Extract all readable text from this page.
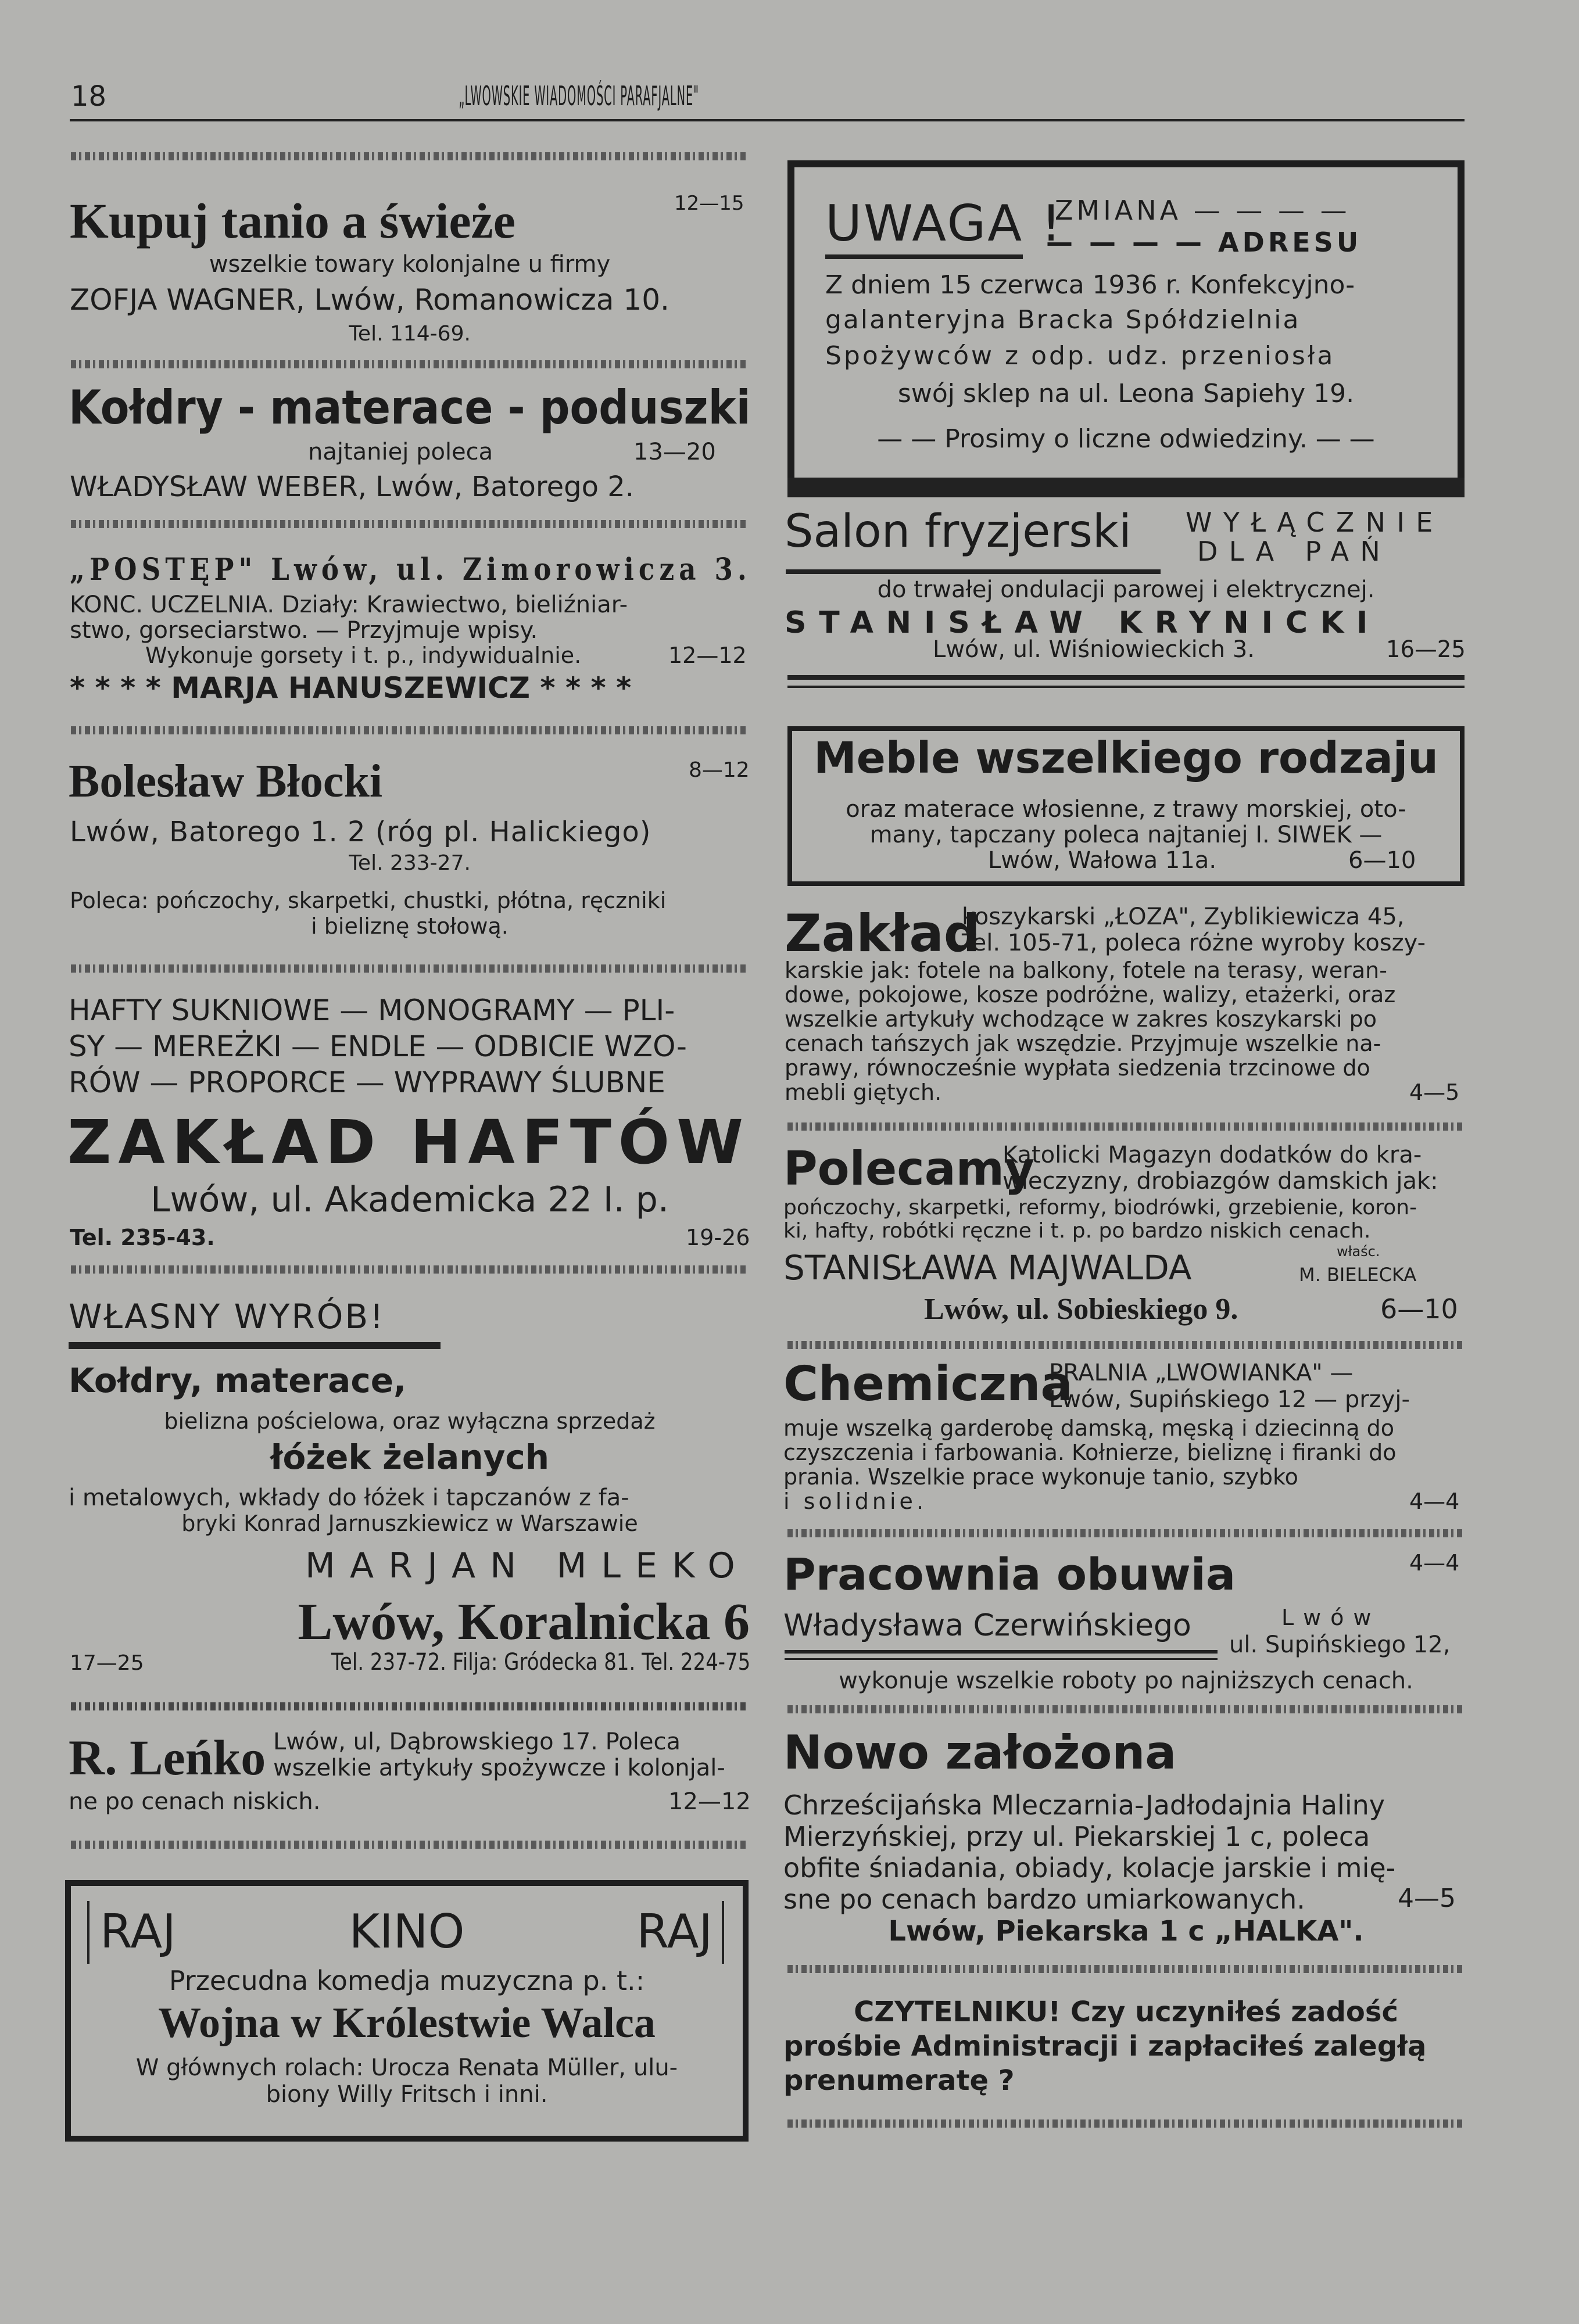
18	„LWOWSKIE WIADOMOŚCI PARAFJALNE"
Kupuj tanio a świeże	12—15
wszelkie towary kolonjalne u firmy
ZOFJA WAGNER, Lwów, Romanowicza 10.
Tel. 114-69.
Kołdry - materace - poduszki
najtaniej poleca	13—20
WŁADYSŁAW WEBER, Lwów, Batorego 2.
„POSTĘP" Lwów, ul. Zimorowicza 3.
KONC. UCZELNIA. Działy: Krawiectwo, bieliźniar-
stwo, gorseciarstwo. — Przyjmuje wpisy.
Wykonuje gorsety i t. p., indywidualnie.	12—12
* * * * MARJA HANUSZEWICZ * * * *
Bolesław Błocki	8—12
Lwów, Batorego 1. 2 (róg pl. Halickiego)
Tel. 233-27.
Poleca: pończochy, skarpetki, chustki, płótna, ręczniki
i bieliznę stołową.
HAFTY SUKNIOWE — MONOGRAMY — PLI-
SY — MEREŻKI — ENDLE — ODBICIE WZO-
RÓW — PROPORCE — WYPRAWY ŚLUBNE
ZAKŁAD HAFTÓW
Lwów, ul. Akademicka 22 I. p.
Tel. 235-43.	19-26
WŁASNY WYRÓB!
Kołdry, materace,
bielizna pościelowa, oraz wyłączna sprzedaż
łóżek żelanych
i metalowych, wkłady do łóżek i tapczanów z fa-
bryki Konrad Jarnuszkiewicz w Warszawie
MARJAN MLEKO
Lwów, Koralnicka 6
17—25	Tel. 237-72. Filja: Gródecka 81. Tel. 224-75
R. Leńko Lwów, ul, Dąbrowskiego 17. Poleca
wszelkie artykuły spożywcze i kolonjal-
ne po cenach niskich.	12—12
RAJ	KINO	RAJ
Przecudna komedja muzyczna p. t.:
Wojna w Królestwie Walca
W głównych rolach: Urocza Renata Müller, ulu-
biony Willy Fritsch i inni.
UWAGA !
ZMIANA — — — —
— — — — ADRESU
Z dniem 15 czerwca 1936 r. Konfekcyjno-
galanteryjna Bracka Spółdzielnia
Spożywców z odp. udz. przeniosła
swój sklep na ul. Leona Sapiehy 19.
— — Prosimy o liczne odwiedziny. — —
Salon fryzjerski WYŁĄCZNIE
DLA PAŃ
do trwałej ondulacji parowej i elektrycznej.
STANISŁAW KRYNICKI
Lwów, ul. Wiśniowieckich 3.	16—25
Meble wszelkiego rodzaju
oraz materace włosienne, z trawy morskiej, oto-
many, tapczany poleca najtaniej I. SIWEK —
Lwów, Wałowa 11a.	6—10
Zakład
koszykarski „ŁOZA", Zyblikiewicza 45,
Tel. 105-71, poleca różne wyroby koszy-
karskie jak: fotele na balkony, fotele na terasy, weran-
dowe, pokojowe, kosze podróżne, walizy, etażerki, oraz
wszelkie artykuły wchodzące w zakres koszykarski po
cenach tańszych jak wszędzie. Przyjmuje wszelkie na-
prawy, równocześnie wypłata siedzenia trzcinowe do
mebli giętych.	4—5
Polecamy
Katolicki Magazyn dodatków do kra-
wieczyzny, drobiazgów damskich jak:
pończochy, skarpetki, reformy, biodrówki, grzebienie, koron-
ki, hafty, robótki ręczne i t. p. po bardzo niskich cenach.
STANISŁAWA MAJWALDA	właśc.
M. BIELECKA
Lwów, ul. Sobieskiego 9.	6—10
Chemiczna
PRALNIA „LWOWIANKA" —
Lwów, Supińskiego 12 — przyj-
muje wszelką garderobę damską, męską i dziecinną do
czyszczenia i farbowania. Kołnierze, bieliznę i firanki do
prania. Wszelkie prace wykonuje tanio, szybko
i solidnie.	4—4
Pracownia obuwia	4—4
Władysława Czerwińskiego	Lwów
ul. Supińskiego 12,
wykonuje wszelkie roboty po najniższych cenach.
Nowo założona
Chrześcijańska Mleczarnia-Jadłodajnia Haliny
Mierzyńskiej, przy ul. Piekarskiej 1 c, poleca
obfite śniadania, obiady, kolacje jarskie i mię-
sne po cenach bardzo umiarkowanych.	4—5
Lwów, Piekarska 1 c „HALKA".
CZYTELNIKU! Czy uczyniłeś zadość
prośbie Administracji i zapłaciłeś zaległą
prenumeratę ?
